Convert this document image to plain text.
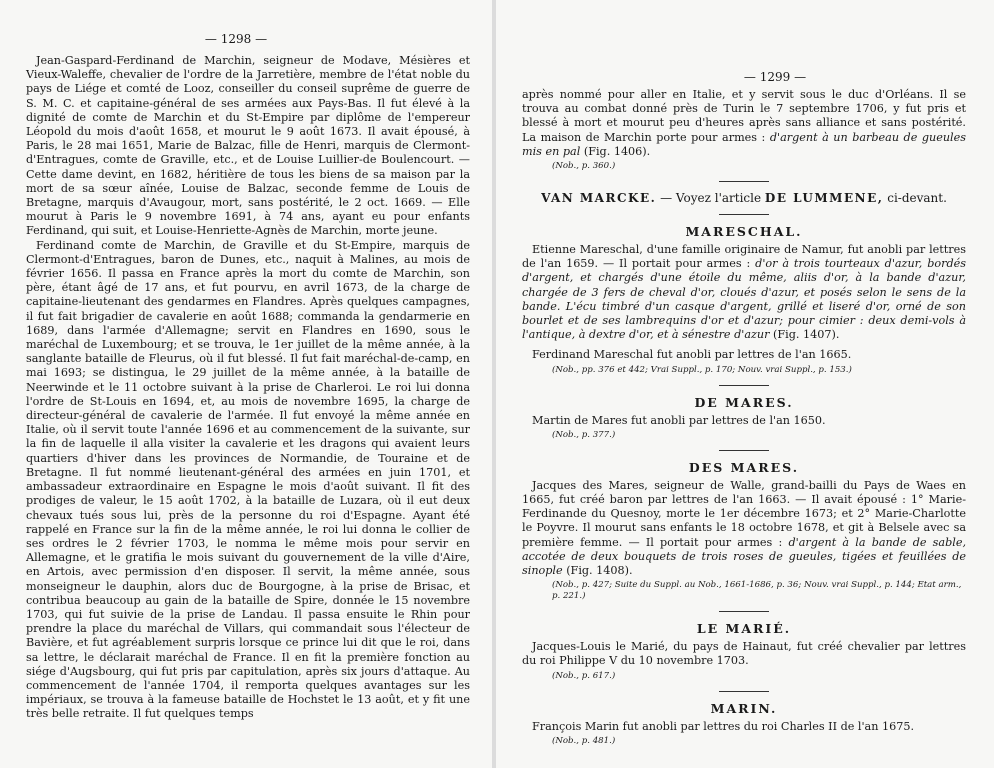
— 1298 —

Jean-Gaspard-Ferdinand de Marchin, seigneur de Modave, Mésières et Vieux-Waleffe, chevalier de l'ordre de la Jarretière, membre de l'état noble du pays de Liége et comté de Looz, conseiller du conseil suprême de guerre de S. M. C. et capitaine-général de ses armées aux Pays-Bas. Il fut élevé à la dignité de comte de Marchin et du St-Empire par diplôme de l'empereur Léopold du mois d'août 1658, et mourut le 9 août 1673. Il avait épousé, à Paris, le 28 mai 1651, Marie de Balzac, fille de Henri, marquis de Clermont-d'Entragues, comte de Graville, etc., et de Louise Luillier-de Boulencourt. — Cette dame devint, en 1682, héritière de tous les biens de sa maison par la mort de sa sœur aînée, Louise de Balzac, seconde femme de Louis de Bretagne, marquis d'Avaugour, mort, sans postérité, le 2 oct. 1669. — Elle mourut à Paris le 9 novembre 1691, à 74 ans, ayant eu pour enfants Ferdinand, qui suit, et Louise-Henriette-Agnès de Marchin, morte jeune.

Ferdinand comte de Marchin, de Graville et du St-Empire, marquis de Clermont-d'Entragues, baron de Dunes, etc., naquit à Malines, au mois de février 1656. Il passa en France après la mort du comte de Marchin, son père, étant âgé de 17 ans, et fut pourvu, en avril 1673, de la charge de capitaine-lieutenant des gendarmes en Flandres. Après quelques campagnes, il fut fait brigadier de cavalerie en août 1688; commanda la gendarmerie en 1689, dans l'armée d'Allemagne; servit en Flandres en 1690, sous le maréchal de Luxembourg; et se trouva, le 1er juillet de la même année, à la sanglante bataille de Fleurus, où il fut blessé. Il fut fait maréchal-de-camp, en mai 1693; se distingua, le 29 juillet de la même année, à la bataille de Neerwinde et le 11 octobre suivant à la prise de Charleroi. Le roi lui donna l'ordre de St-Louis en 1694, et, au mois de novembre 1695, la charge de directeur-général de cavalerie de l'armée. Il fut envoyé la même année en Italie, où il servit toute l'année 1696 et au commencement de la suivante, sur la fin de laquelle il alla visiter la cavalerie et les dragons qui avaient leurs quartiers d'hiver dans les provinces de Normandie, de Touraine et de Bretagne. Il fut nommé lieutenant-général des armées en juin 1701, et ambassadeur extraordinaire en Espagne le mois d'août suivant. Il fit des prodiges de valeur, le 15 août 1702, à la bataille de Luzara, où il eut deux chevaux tués sous lui, près de la personne du roi d'Espagne. Ayant été rappelé en France sur la fin de la même année, le roi lui donna le collier de ses ordres le 2 février 1703, le nomma le même mois pour servir en Allemagne, et le gratifia le mois suivant du gouvernement de la ville d'Aire, en Artois, avec permission d'en disposer. Il servit, la même année, sous monseigneur le dauphin, alors duc de Bourgogne, à la prise de Brisac, et contribua beaucoup au gain de la bataille de Spire, donnée le 15 novembre 1703, qui fut suivie de la prise de Landau. Il passa ensuite le Rhin pour prendre la place du maréchal de Villars, qui commandait sous l'électeur de Bavière, et fut agréablement surpris lorsque ce prince lui dit que le roi, dans sa lettre, le déclarait maréchal de France. Il en fit la première fonction au siége d'Augsbourg, qui fut pris par capitulation, après six jours d'attaque. Au commencement de l'année 1704, il remporta quelques avantages sur les impériaux, se trouva à la fameuse bataille de Hochstet le 13 août, et y fit une très belle retraite. Il fut quelques temps

— 1299 —

après nommé pour aller en Italie, et y servit sous le duc d'Orléans. Il se trouva au combat donné près de Turin le 7 septembre 1706, y fut pris et blessé à mort et mourut peu d'heures après sans alliance et sans postérité. La maison de Marchin porte pour armes : d'argent à un barbeau de gueules mis en pal (Fig. 1406).

(Nob., p. 360.)
VAN MARCKE. — Voyez l'article DE LUMMENE, ci-devant.
MARESCHAL.

Etienne Mareschal, d'une famille originaire de Namur, fut anobli par lettres de l'an 1659. — Il portait pour armes : d'or à trois tourteaux d'azur, bordés d'argent, et chargés d'une étoile du même, aliis d'or, à la bande d'azur, chargée de 3 fers de cheval d'or, cloués d'azur, et posés selon le sens de la bande. L'écu timbré d'un casque d'argent, grillé et liseré d'or, orné de son bourlet et de ses lambrequins d'or et d'azur; pour cimier : deux demi-vols à l'antique, à dextre d'or, et à sénestre d'azur (Fig. 1407).

Ferdinand Mareschal fut anobli par lettres de l'an 1665.

(Nob., pp. 376 et 442; Vrai Suppl., p. 170; Nouv. vrai Suppl., p. 153.)
DE MARES.

Martin de Mares fut anobli par lettres de l'an 1650.

(Nob., p. 377.)
DES MARES.

Jacques des Mares, seigneur de Walle, grand-bailli du Pays de Waes en 1665, fut créé baron par lettres de l'an 1663. — Il avait épousé : 1° Marie-Ferdinande du Quesnoy, morte le 1er décembre 1673; et 2° Marie-Charlotte le Poyvre. Il mourut sans enfants le 18 octobre 1678, et git à Belsele avec sa première femme. — Il portait pour armes : d'argent à la bande de sable, accotée de deux bouquets de trois roses de gueules, tigées et feuillées de sinople (Fig. 1408).

(Nob., p. 427; Suite du Suppl. au Nob., 1661-1686, p. 36; Nouv. vrai Suppl., p. 144; Etat arm., p. 221.)
LE MARIÉ.

Jacques-Louis le Marié, du pays de Hainaut, fut créé chevalier par lettres du roi Philippe V du 10 novembre 1703.

(Nob., p. 617.)
MARIN.

François Marin fut anobli par lettres du roi Charles II de l'an 1675.

(Nob., p. 481.)
